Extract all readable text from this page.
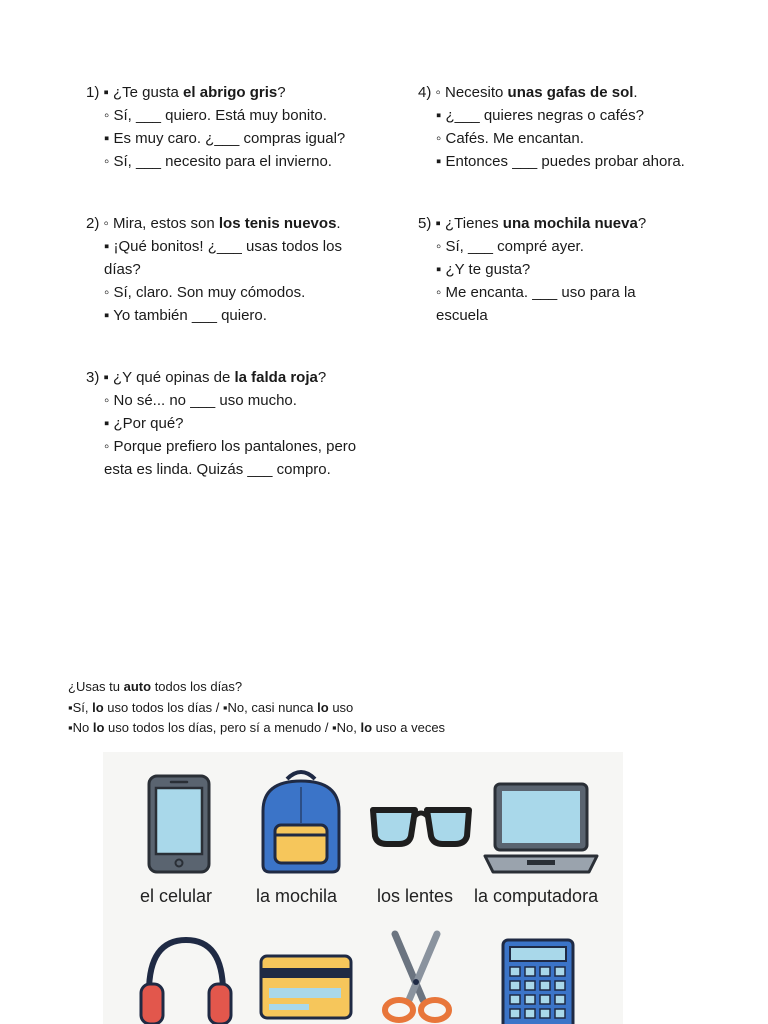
1) ▪ ¿Te gusta el abrigo gris?
◦ Sí, ___ quiero. Está muy bonito.
▪ Es muy caro. ¿___ compras igual?
◦ Sí, ___ necesito para el invierno.
2) ◦ Mira, estos son los tenis nuevos.
▪ ¡Qué bonitos! ¿___ usas todos los días?
◦ Sí, claro. Son muy cómodos.
▪ Yo también ___ quiero.
3) ▪ ¿Y qué opinas de la falda roja?
◦ No sé... no ___ uso mucho.
▪ ¿Por qué?
◦ Porque prefiero los pantalones, pero esta es linda. Quizás ___ compro.
4) ◦ Necesito unas gafas de sol.
▪ ¿___ quieres negras o cafés?
◦ Cafés. Me encantan.
▪ Entonces ___ puedes probar ahora.
5) ▪ ¿Tienes una mochila nueva?
◦ Sí, ___ compré ayer.
▪ ¿Y te gusta?
◦ Me encanta. ___ uso para la escuela
¿Usas tu auto todos los días?
▪Sí, lo uso todos los días / ▪No, casi nunca lo uso
▪No lo uso todos los días, pero sí a menudo / ▪No, lo uso a veces
el celular la mochila los lentes la computadora
